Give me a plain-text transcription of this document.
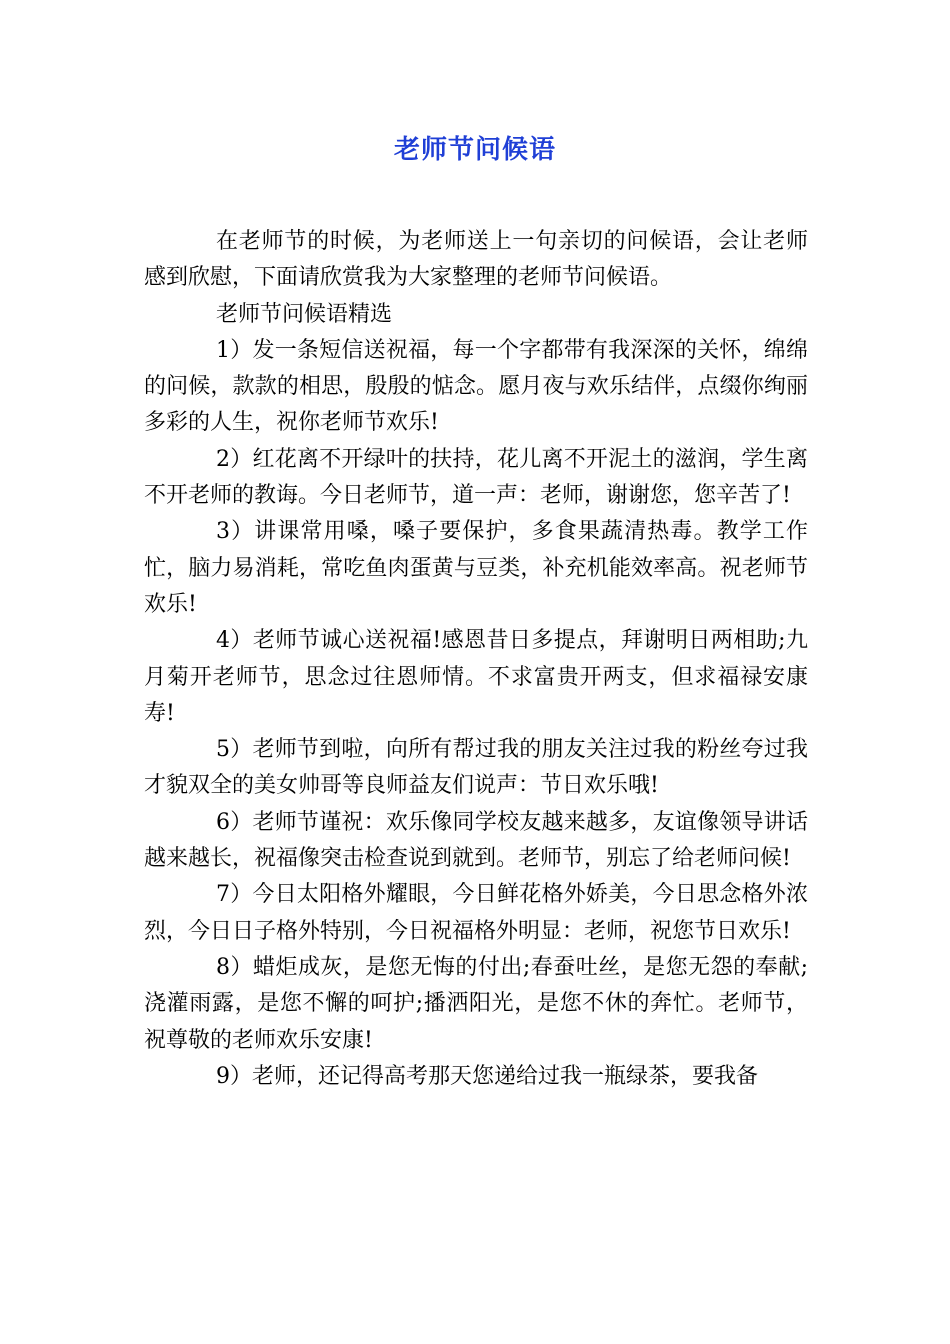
老师节问候语

在老师节的时候，为老师送上一句亲切的问候语，会让老师感到欣慰，下面请欣赏我为大家整理的老师节问候语。

老师节问候语精选

1）发一条短信送祝福，每一个字都带有我深深的关怀，绵绵的问候，款款的相思，殷殷的惦念。愿月夜与欢乐结伴，点缀你绚丽多彩的人生，祝你老师节欢乐!

2）红花离不开绿叶的扶持，花儿离不开泥土的滋润，学生离不开老师的教诲。今日老师节，道一声：老师，谢谢您，您辛苦了!

3）讲课常用嗓，嗓子要保护，多食果蔬清热毒。教学工作忙，脑力易消耗，常吃鱼肉蛋黄与豆类，补充机能效率高。祝老师节欢乐!

4）老师节诚心送祝福!感恩昔日多提点，拜谢明日两相助;九月菊开老师节，思念过往恩师情。不求富贵开两支，但求福禄安康寿!

5）老师节到啦，向所有帮过我的朋友关注过我的粉丝夸过我才貌双全的美女帅哥等良师益友们说声：节日欢乐哦!

6）老师节谨祝：欢乐像同学校友越来越多，友谊像领导讲话越来越长，祝福像突击检查说到就到。老师节，别忘了给老师问候!

7）今日太阳格外耀眼，今日鲜花格外娇美，今日思念格外浓烈，今日日子格外特别，今日祝福格外明显：老师，祝您节日欢乐!

8）蜡炬成灰，是您无悔的付出;春蚕吐丝，是您无怨的奉献;浇灌雨露，是您不懈的呵护;播洒阳光，是您不休的奔忙。老师节，祝尊敬的老师欢乐安康!

9）老师，还记得高考那天您递给过我一瓶绿茶，要我备
